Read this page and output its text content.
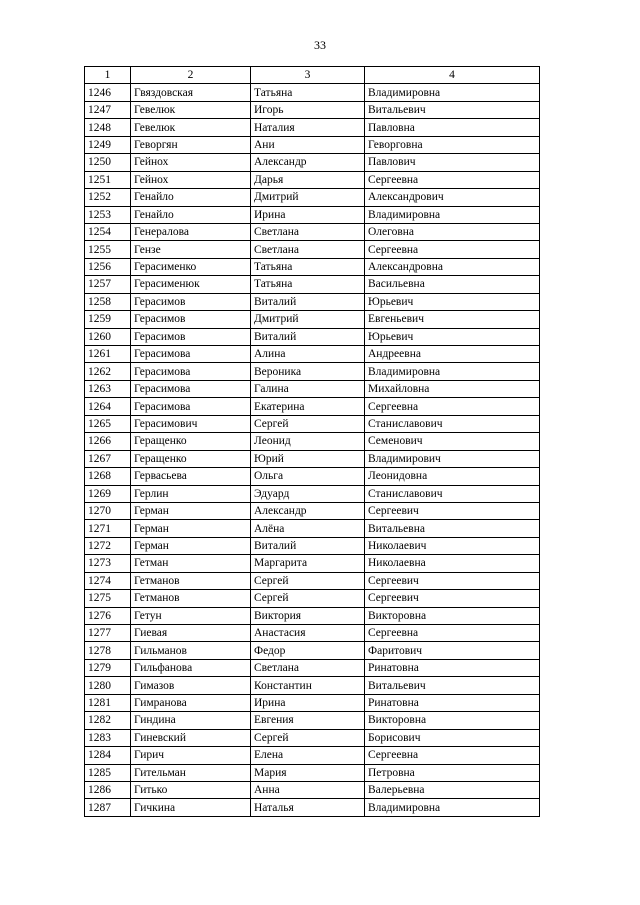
33
1	2	3	4
1246	Гвяздовская	Татьяна	Владимировна
1247	Гевелюк	Игорь	Витальевич
1248	Гевелюк	Наталия	Павловна
1249	Геворгян	Ани	Геворговна
1250	Гейнох	Александр	Павлович
1251	Гейнох	Дарья	Сергеевна
1252	Генайло	Дмитрий	Александрович
1253	Генайло	Ирина	Владимировна
1254	Генералова	Светлана	Олеговна
1255	Гензе	Светлана	Сергеевна
1256	Герасименко	Татьяна	Александровна
1257	Герасименюк	Татьяна	Васильевна
1258	Герасимов	Виталий	Юрьевич
1259	Герасимов	Дмитрий	Евгеньевич
1260	Герасимов	Виталий	Юрьевич
1261	Герасимова	Алина	Андреевна
1262	Герасимова	Вероника	Владимировна
1263	Герасимова	Галина	Михайловна
1264	Герасимова	Екатерина	Сергеевна
1265	Герасимович	Сергей	Станиславович
1266	Геращенко	Леонид	Семенович
1267	Геращенко	Юрий	Владимирович
1268	Гервасьева	Ольга	Леонидовна
1269	Герлин	Эдуард	Станиславович
1270	Герман	Александр	Сергеевич
1271	Герман	Алёна	Витальевна
1272	Герман	Виталий	Николаевич
1273	Гетман	Маргарита	Николаевна
1274	Гетманов	Сергей	Сергеевич
1275	Гетманов	Сергей	Сергеевич
1276	Гетун	Виктория	Викторовна
1277	Гиевая	Анастасия	Сергеевна
1278	Гильманов	Федор	Фаритович
1279	Гильфанова	Светлана	Ринатовна
1280	Гимазов	Константин	Витальевич
1281	Гимранова	Ирина	Ринатовна
1282	Гиндина	Евгения	Викторовна
1283	Гиневский	Сергей	Борисович
1284	Гирич	Елена	Сергеевна
1285	Гительман	Мария	Петровна
1286	Гитько	Анна	Валерьевна
1287	Гичкина	Наталья	Владимировна
